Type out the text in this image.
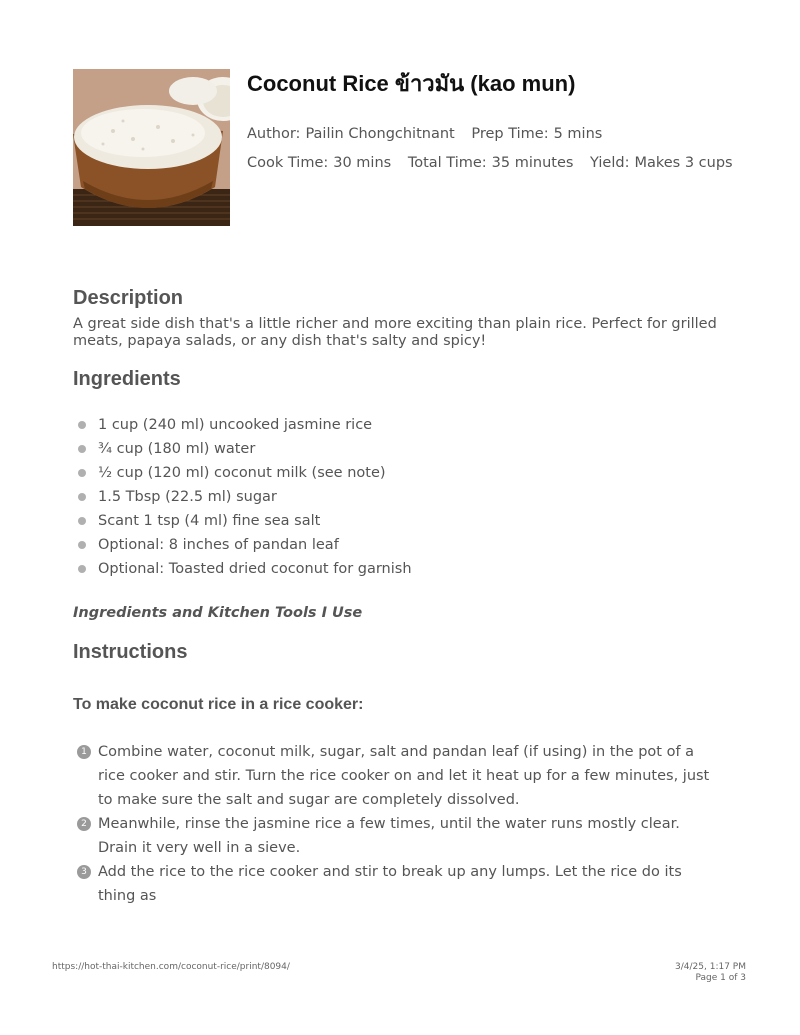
Coconut Rice ข้าวมัน (kao mun)
Author: Pailin Chongchitnant Prep Time: 5 mins
Cook Time: 30 mins Total Time: 35 minutes Yield: Makes 3 cups
Description
A great side dish that's a little richer and more exciting than plain rice. Perfect for grilled meats, papaya salads, or any dish that's salty and spicy!
Ingredients
1 cup (240 ml) uncooked jasmine rice
¾ cup (180 ml) water
½ cup (120 ml) coconut milk (see note)
1.5 Tbsp (22.5 ml) sugar
Scant 1 tsp (4 ml) fine sea salt
Optional: 8 inches of pandan leaf
Optional: Toasted dried coconut for garnish
Ingredients and Kitchen Tools I Use
Instructions
To make coconut rice in a rice cooker:
1 Combine water, coconut milk, sugar, salt and pandan leaf (if using) in the pot of a rice cooker and stir. Turn the rice cooker on and let it heat up for a few minutes, just to make sure the salt and sugar are completely dissolved.
2 Meanwhile, rinse the jasmine rice a few times, until the water runs mostly clear. Drain it very well in a sieve.
3 Add the rice to the rice cooker and stir to break up any lumps. Let the rice do its thing as
https://hot-thai-kitchen.com/coconut-rice/print/8094/	3/4/25, 1:17 PM
Page 1 of 3
